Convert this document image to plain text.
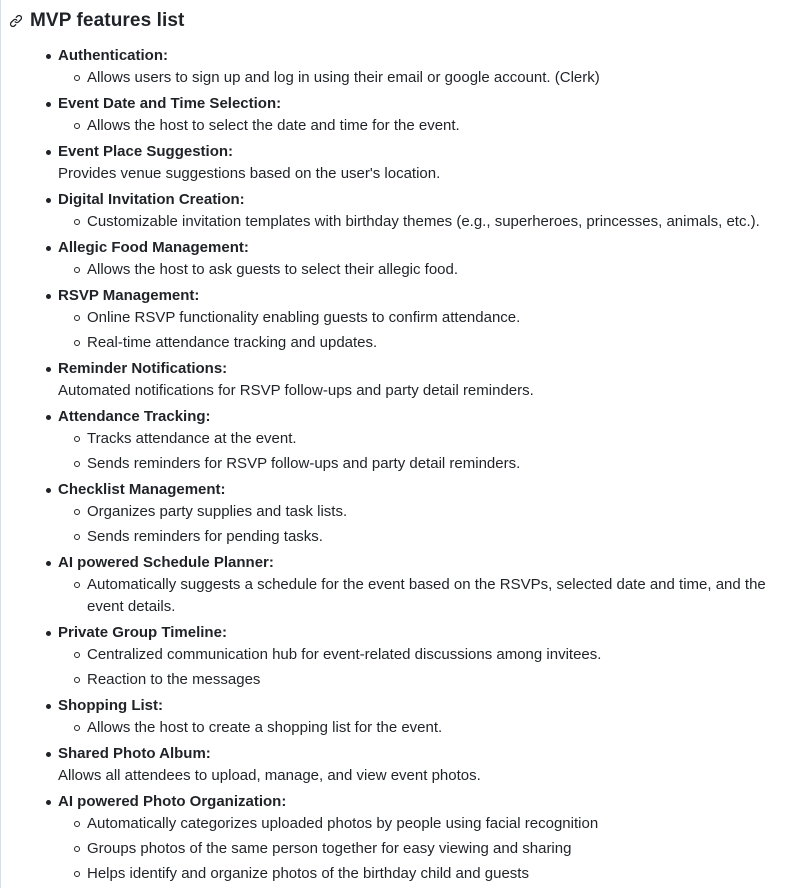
MVP features list
Authentication:
Allows users to sign up and log in using their email or google account. (Clerk)
Event Date and Time Selection:
Allows the host to select the date and time for the event.
Event Place Suggestion:
Provides venue suggestions based on the user's location.
Digital Invitation Creation:
Customizable invitation templates with birthday themes (e.g., superheroes, princesses, animals, etc.).
Allegic Food Management:
Allows the host to ask guests to select their allegic food.
RSVP Management:
Online RSVP functionality enabling guests to confirm attendance.
Real-time attendance tracking and updates.
Reminder Notifications:
Automated notifications for RSVP follow-ups and party detail reminders.
Attendance Tracking:
Tracks attendance at the event.
Sends reminders for RSVP follow-ups and party detail reminders.
Checklist Management:
Organizes party supplies and task lists.
Sends reminders for pending tasks.
AI powered Schedule Planner:
Automatically suggests a schedule for the event based on the RSVPs, selected date and time, and the event details.
Private Group Timeline:
Centralized communication hub for event-related discussions among invitees.
Reaction to the messages
Shopping List:
Allows the host to create a shopping list for the event.
Shared Photo Album:
Allows all attendees to upload, manage, and view event photos.
AI powered Photo Organization:
Automatically categorizes uploaded photos by people using facial recognition
Groups photos of the same person together for easy viewing and sharing
Helps identify and organize photos of the birthday child and guests
